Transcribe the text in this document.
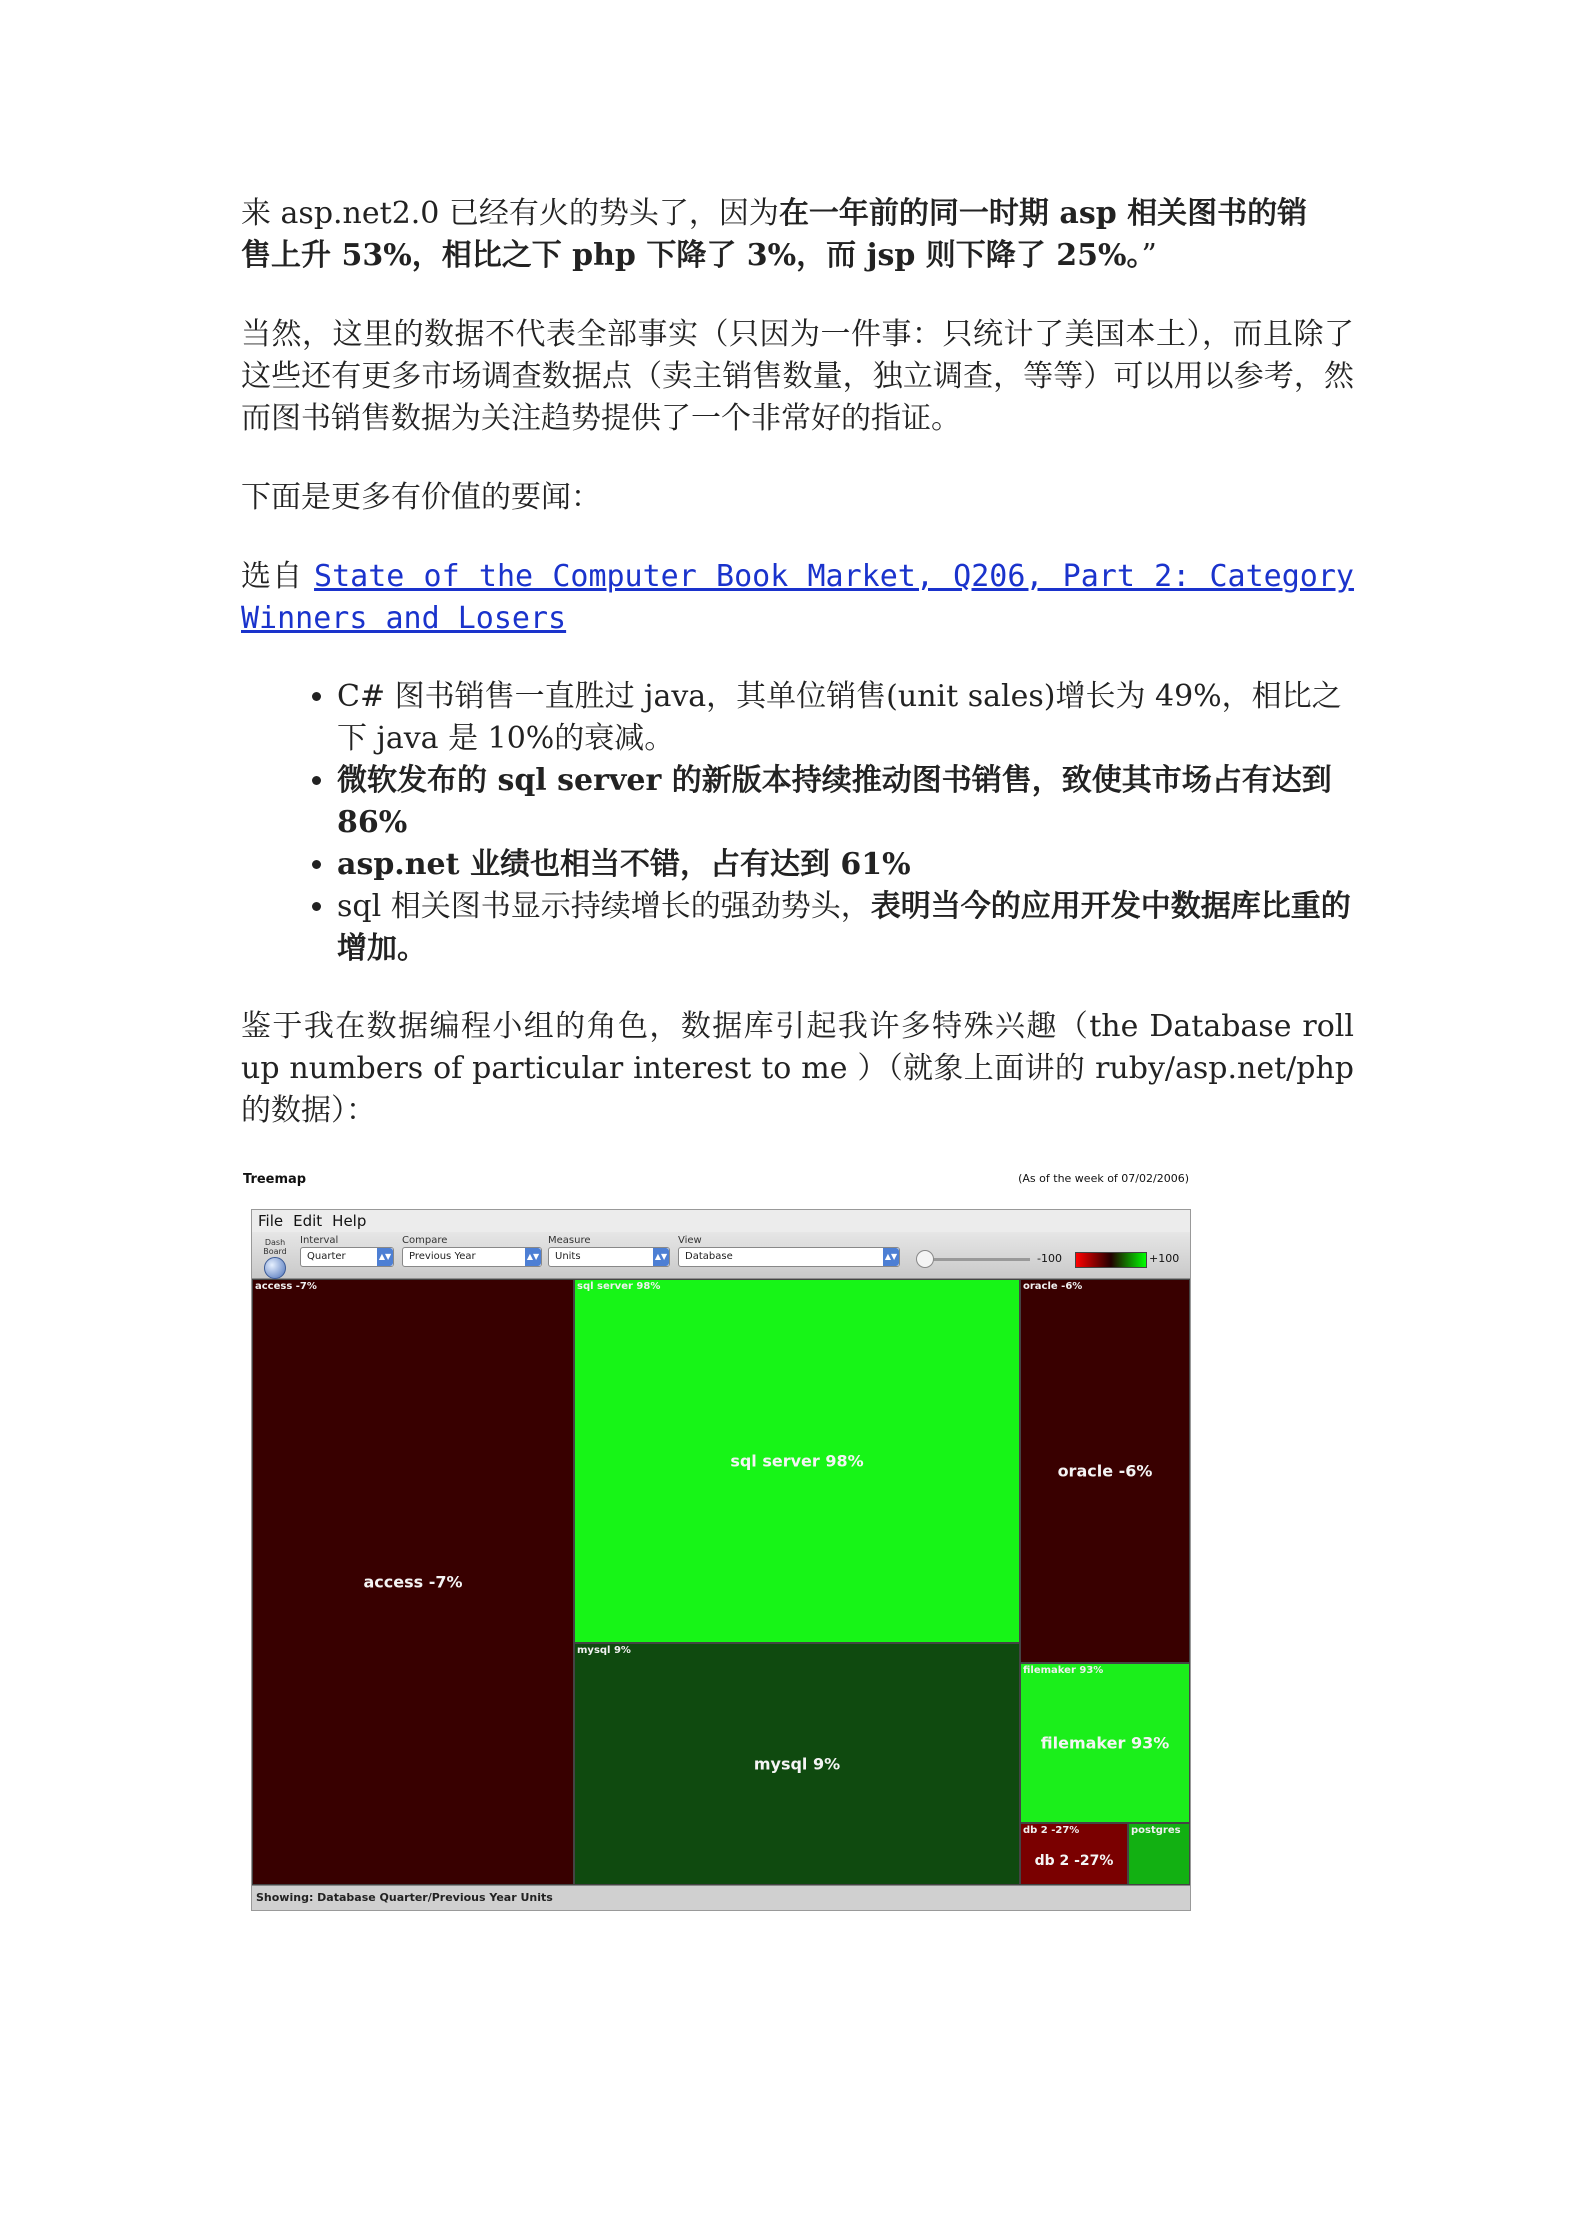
来 asp.net2.0 已经有火的势头了，因为在一年前的同一时期 asp 相关图书的销
售上升 53%，相比之下 php 下降了 3%，而 jsp 则下降了 25%。”

当然，这里的数据不代表全部事实（只因为一件事：只统计了美国本土），而且除了这些还有更多市场调查数据点（卖主销售数量，独立调查，等等）可以用以参考，然而图书销售数据为关注趋势提供了一个非常好的指证。

下面是更多有价值的要闻：

选自 State of the Computer Book Market, Q206, Part 2: Category Winners and Losers

• C# 图书销售一直胜过 java，其单位销售(unit sales)增长为 49%，相比之下 java 是 10%的衰减。
• 微软发布的 sql server 的新版本持续推动图书销售，致使其市场占有达到 86%
• asp.net 业绩也相当不错，占有达到 61%
• sql 相关图书显示持续增长的强劲势头，表明当今的应用开发中数据库比重的增加。

鉴于我在数据编程小组的角色，数据库引起我许多特殊兴趣（the Database roll up numbers of particular interest to me ）（就象上面讲的 ruby/asp.net/php 的数据）：

Treemap	(As of the week of 07/02/2006)
File Edit Help
Dash Board
Interval
Quarter	▲▼
Compare
Previous Year	▲▼
Measure
Units	▲▼
View
Database	▲▼	-100	+100
access -7%
access -7%
sql server 98%
sql server 98%
mysql 9%
mysql 9%
oracle -6%
oracle -6%
filemaker 93%
filemaker 93%
db 2 -27%
db 2 -27%
postgres
Showing: Database Quarter/Previous Year Units
